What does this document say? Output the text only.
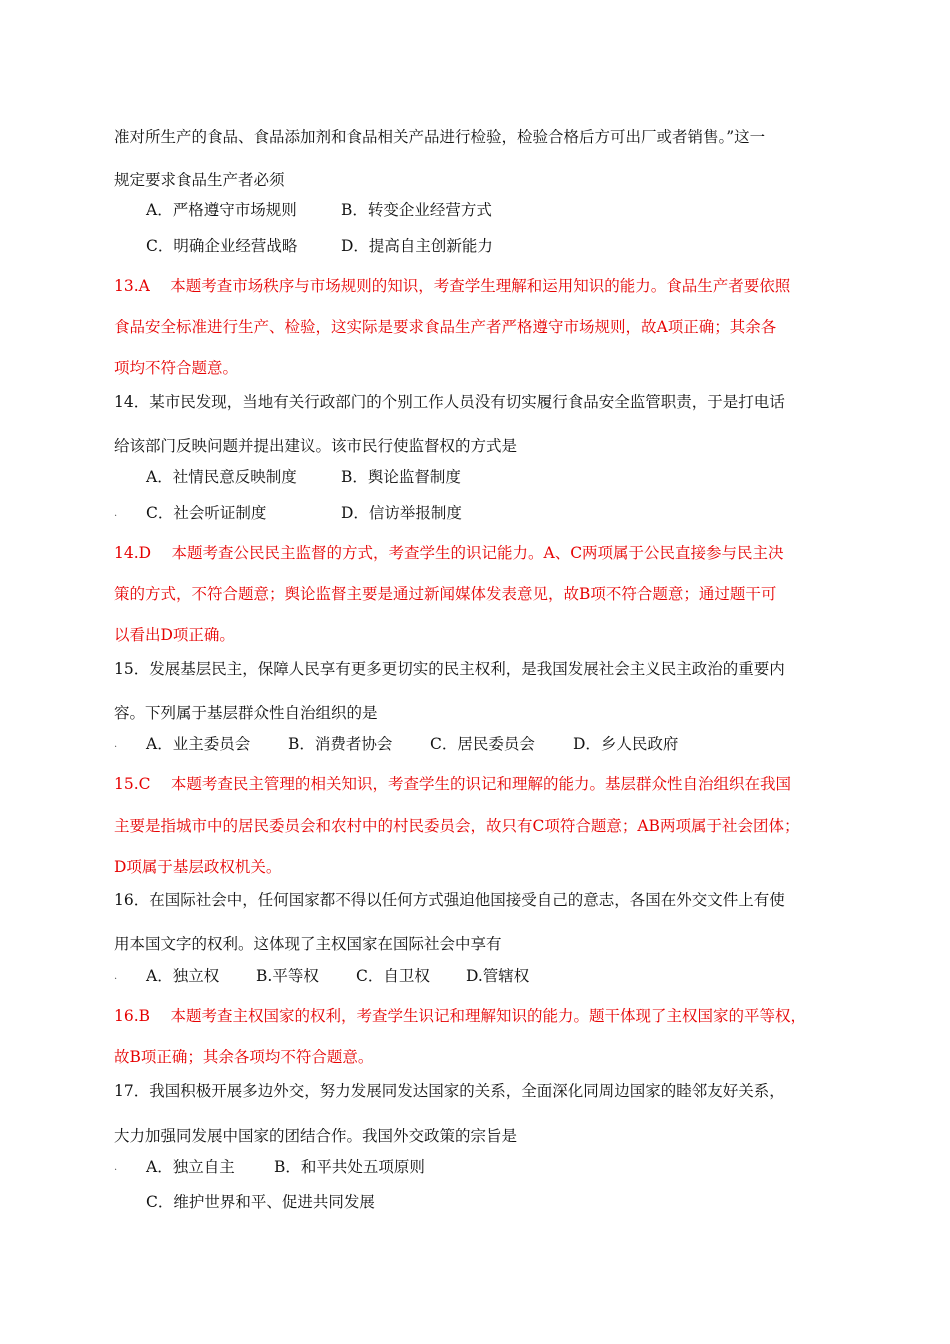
准对所生产的食品、食品添加剂和食品相关产品进行检验，检验合格后方可出厂或者销售。”这一
规定要求食品生产者必须
A．严格遵守市场规则	B．转变企业经营方式
C．明确企业经营战略	D．提高自主创新能力
13.A　 本题考查市场秩序与市场规则的知识，考查学生理解和运用知识的能力。食品生产者要依照
食品安全标准进行生产、检验，这实际是要求食品生产者严格遵守市场规则，故A项正确；其余各
项均不符合题意。
14．某市民发现，当地有关行政部门的个别工作人员没有切实履行食品安全监管职责，于是打电话
给该部门反映问题并提出建议。该市民行使监督权的方式是
A．社情民意反映制度	B．舆论监督制度
. C．社会听证制度	D．信访举报制度
14.D　 本题考查公民民主监督的方式，考查学生的识记能力。A、C两项属于公民直接参与民主决
策的方式，不符合题意；舆论监督主要是通过新闻媒体发表意见，故B项不符合题意；通过题干可
以看出D项正确。
15．发展基层民主，保障人民享有更多更切实的民主权利，是我国发展社会主义民主政治的重要内
容。下列属于基层群众性自治组织的是
. A．业主委员会 B．消费者协会 C．居民委员会 D．乡人民政府
15.C　 本题考查民主管理的相关知识，考查学生的识记和理解的能力。基层群众性自治组织在我国
主要是指城市中的居民委员会和农村中的村民委员会，故只有C项符合题意；AB两项属于社会团体；
D项属于基层政权机关。
16．在国际社会中，任何国家都不得以任何方式强迫他国接受自己的意志，各国在外交文件上有使
用本国文字的权利。这体现了主权国家在国际社会中享有
. A．独立权 B.平等权 C．自卫权 D.管辖权
16.B　 本题考查主权国家的权利，考查学生识记和理解知识的能力。题干体现了主权国家的平等权，
故B项正确；其余各项均不符合题意。
17．我国积极开展多边外交，努力发展同发达国家的关系，全面深化同周边国家的睦邻友好关系，
大力加强同发展中国家的团结合作。我国外交政策的宗旨是
. A．独立自主	B．和平共处五项原则
C．维护世界和平、促进共同发展
